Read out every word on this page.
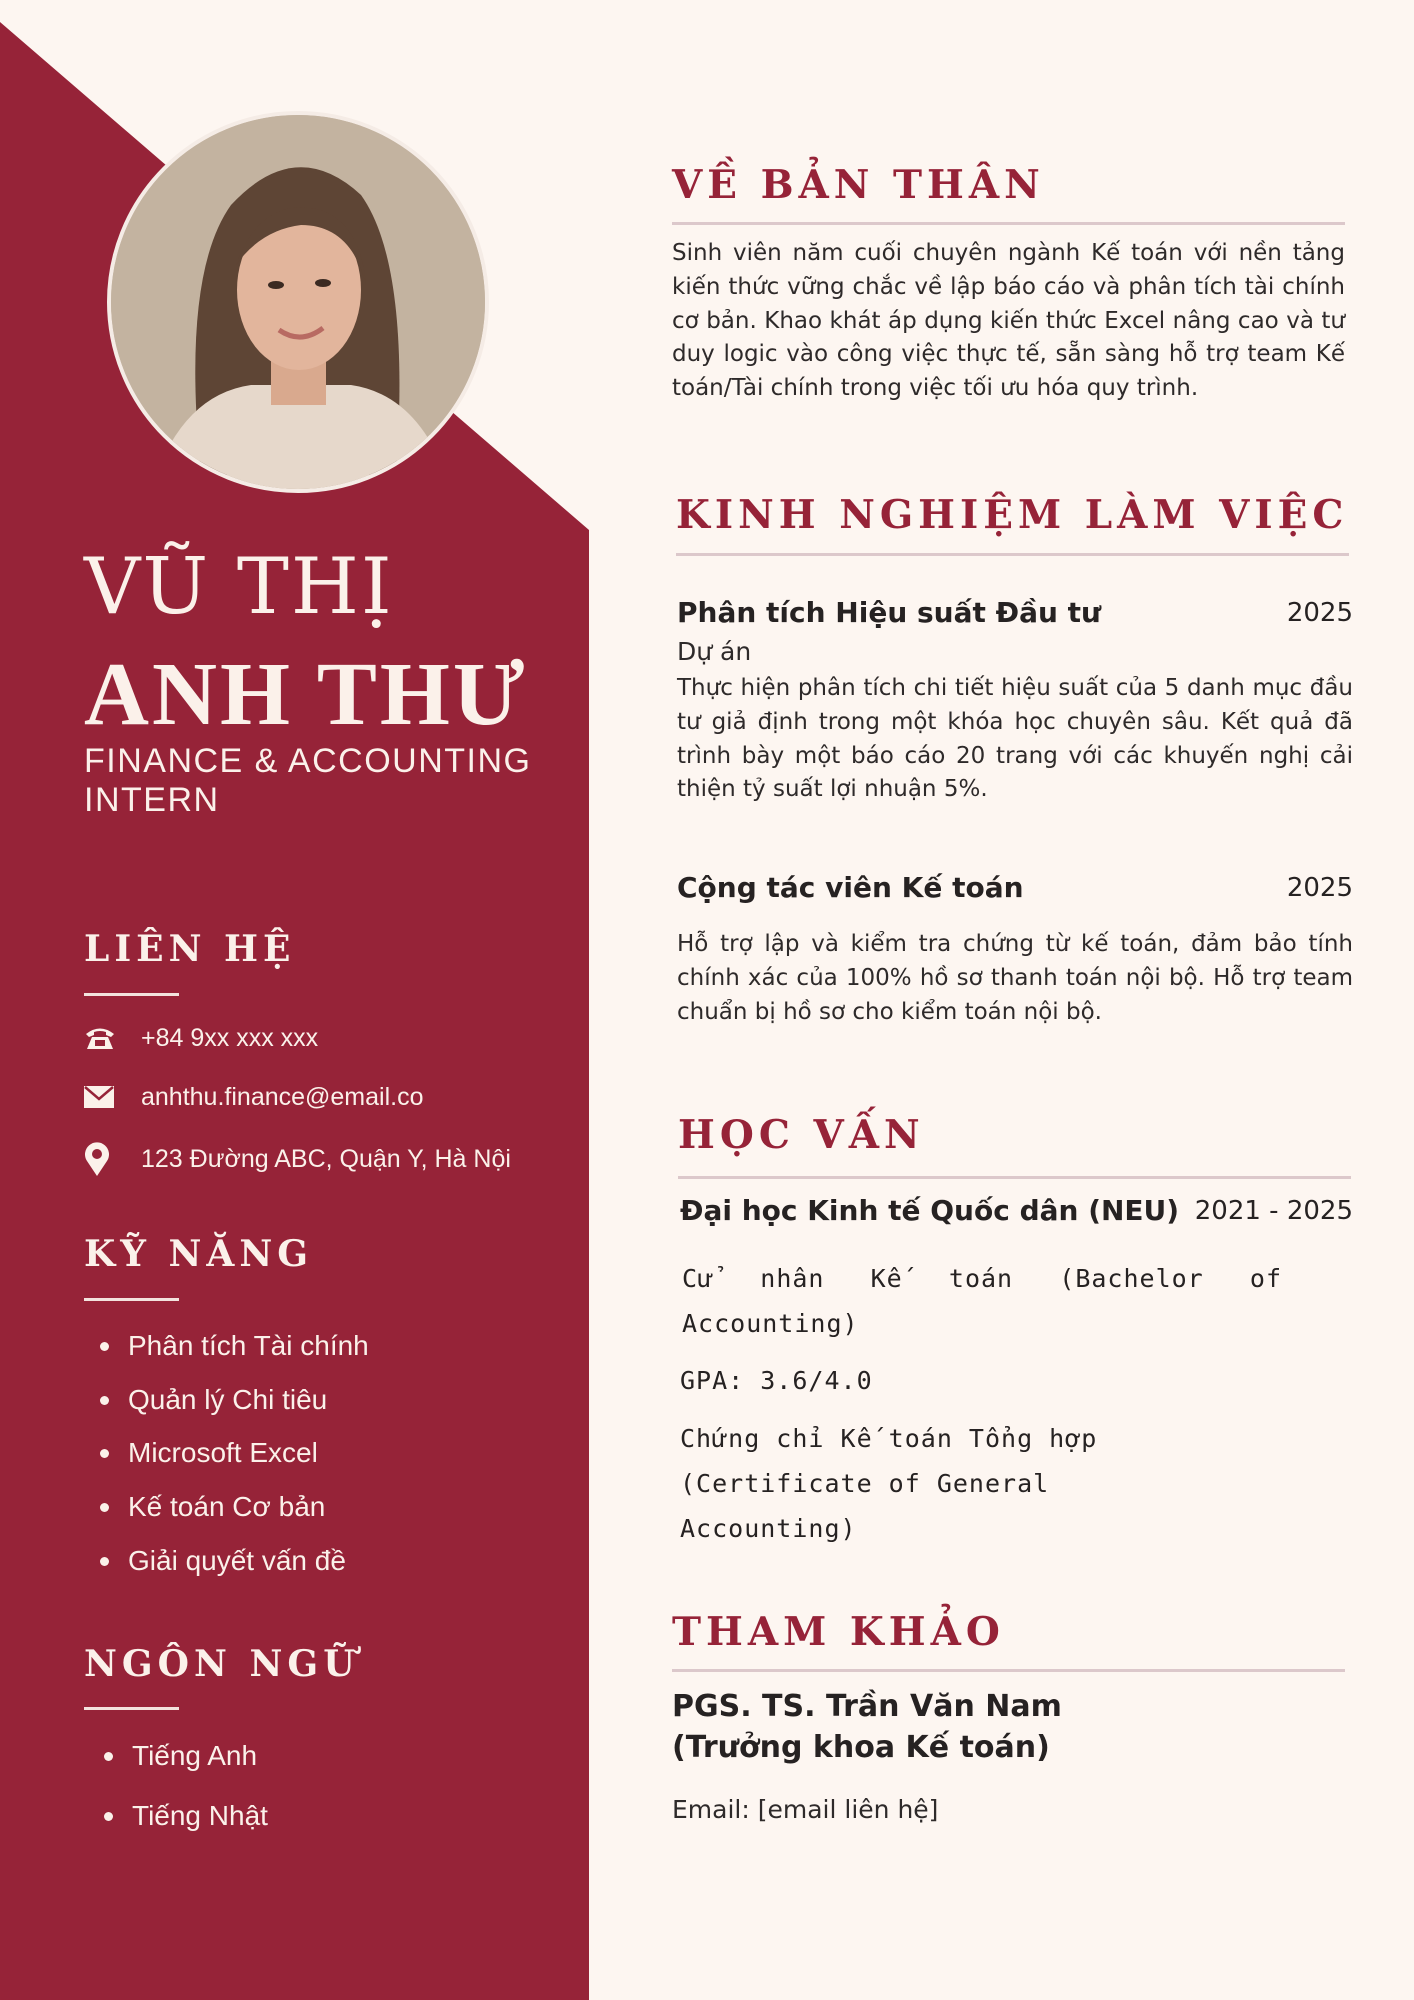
VŨ THỊ
ANH THƯ
FINANCE & ACCOUNTING INTERN
LIÊN HỆ
+84 9xx xxx xxx
anhthu.finance@email.co
123 Đường ABC, Quận Y, Hà Nội
KỸ NĂNG
Phân tích Tài chính
Quản lý Chi tiêu
Microsoft Excel
Kế toán Cơ bản
Giải quyết vấn đề
NGÔN NGỮ
Tiếng Anh
Tiếng Nhật
VỀ BẢN THÂN
Sinh viên năm cuối chuyên ngành Kế toán với nền tảng kiến thức vững chắc về lập báo cáo và phân tích tài chính cơ bản. Khao khát áp dụng kiến thức Excel nâng cao và tư duy logic vào công việc thực tế, sẵn sàng hỗ trợ team Kế toán/Tài chính trong việc tối ưu hóa quy trình.
KINH NGHIỆM LÀM VIỆC
Phân tích Hiệu suất Đầu tư	2025
Dự án
Thực hiện phân tích chi tiết hiệu suất của 5 danh mục đầu tư giả định trong một khóa học chuyên sâu. Kết quả đã trình bày một báo cáo 20 trang với các khuyến nghị cải thiện tỷ suất lợi nhuận 5%.
Cộng tác viên Kế toán	2025
Hỗ trợ lập và kiểm tra chứng từ kế toán, đảm bảo tính chính xác của 100% hồ sơ thanh toán nội bộ. Hỗ trợ team chuẩn bị hồ sơ cho kiểm toán nội bộ.
HỌC VẤN
Đại học Kinh tế Quốc dân (NEU) 2021 - 2025
Cử nhân Kế toán (Bachelor of Accounting)
GPA: 3.6/4.0
Chứng chỉ Kế toán Tổng hợp (Certificate of General Accounting)
THAM KHẢO
PGS. TS. Trần Văn Nam (Trưởng khoa Kế toán)
Email: [email liên hệ]
